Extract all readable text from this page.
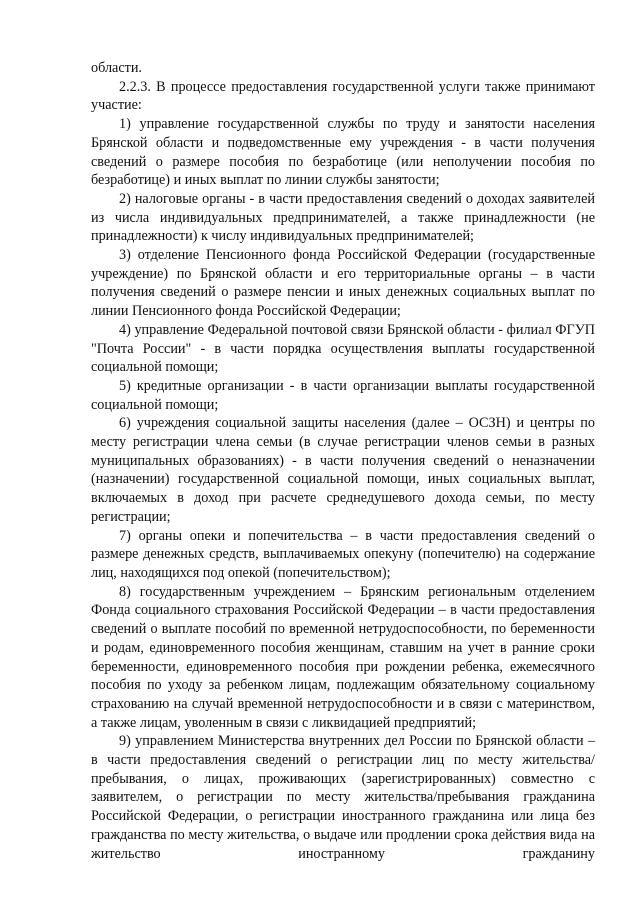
области.

2.2.3. В процессе предоставления государственной услуги также принимают участие:

1) управление государственной службы по труду и занятости населения Брянской области и подведомственные ему учреждения - в части получения сведений о размере пособия по безработице (или неполучении пособия по безработице) и иных выплат по линии службы занятости;

2) налоговые органы - в части предоставления сведений о доходах заявителей из числа индивидуальных предпринимателей, а также принадлежности (не принадлежности) к числу индивидуальных предпринимателей;

3) отделение Пенсионного фонда Российской Федерации (государственные учреждение) по Брянской области и его территориальные органы – в части получения сведений о размере пенсии и иных денежных социальных выплат по линии Пенсионного фонда Российской Федерации;

4) управление Федеральной почтовой связи Брянской области - филиал ФГУП "Почта России" - в части порядка осуществления выплаты государственной социальной помощи;

5) кредитные организации - в части организации выплаты государственной социальной помощи;

6) учреждения социальной защиты населения (далее – ОСЗН) и центры по месту регистрации члена семьи (в случае регистрации членов семьи в разных муниципальных образованиях) - в части получения сведений о неназначении (назначении) государственной социальной помощи, иных социальных выплат, включаемых в доход при расчете среднедушевого дохода семьи, по месту регистрации;

7) органы опеки и попечительства – в части предоставления сведений о размере денежных средств, выплачиваемых опекуну (попечителю) на содержание лиц, находящихся под опекой (попечительством);

8) государственным учреждением – Брянским региональным отделением Фонда социального страхования Российской Федерации – в части предоставления сведений о выплате пособий по временной нетрудоспособности, по беременности и родам, единовременного пособия женщинам, ставшим на учет в ранние сроки беременности, единовременного пособия при рождении ребенка, ежемесячного пособия по уходу за ребенком лицам, подлежащим обязательному социальному страхованию на случай временной нетрудоспособности и в связи с материнством, а также лицам, уволенным в связи с ликвидацией предприятий;

9) управлением Министерства внутренних дел России по Брянской области – в части предоставления сведений о регистрации лиц по месту жительства/пребывания, о лицах, проживающих (зарегистрированных) совместно с заявителем, о регистрации по месту жительства/пребывания гражданина Российской Федерации, о регистрации иностранного гражданина или лица без гражданства по месту жительства, о выдаче или продлении срока действия вида на жительство иностранному гражданину
